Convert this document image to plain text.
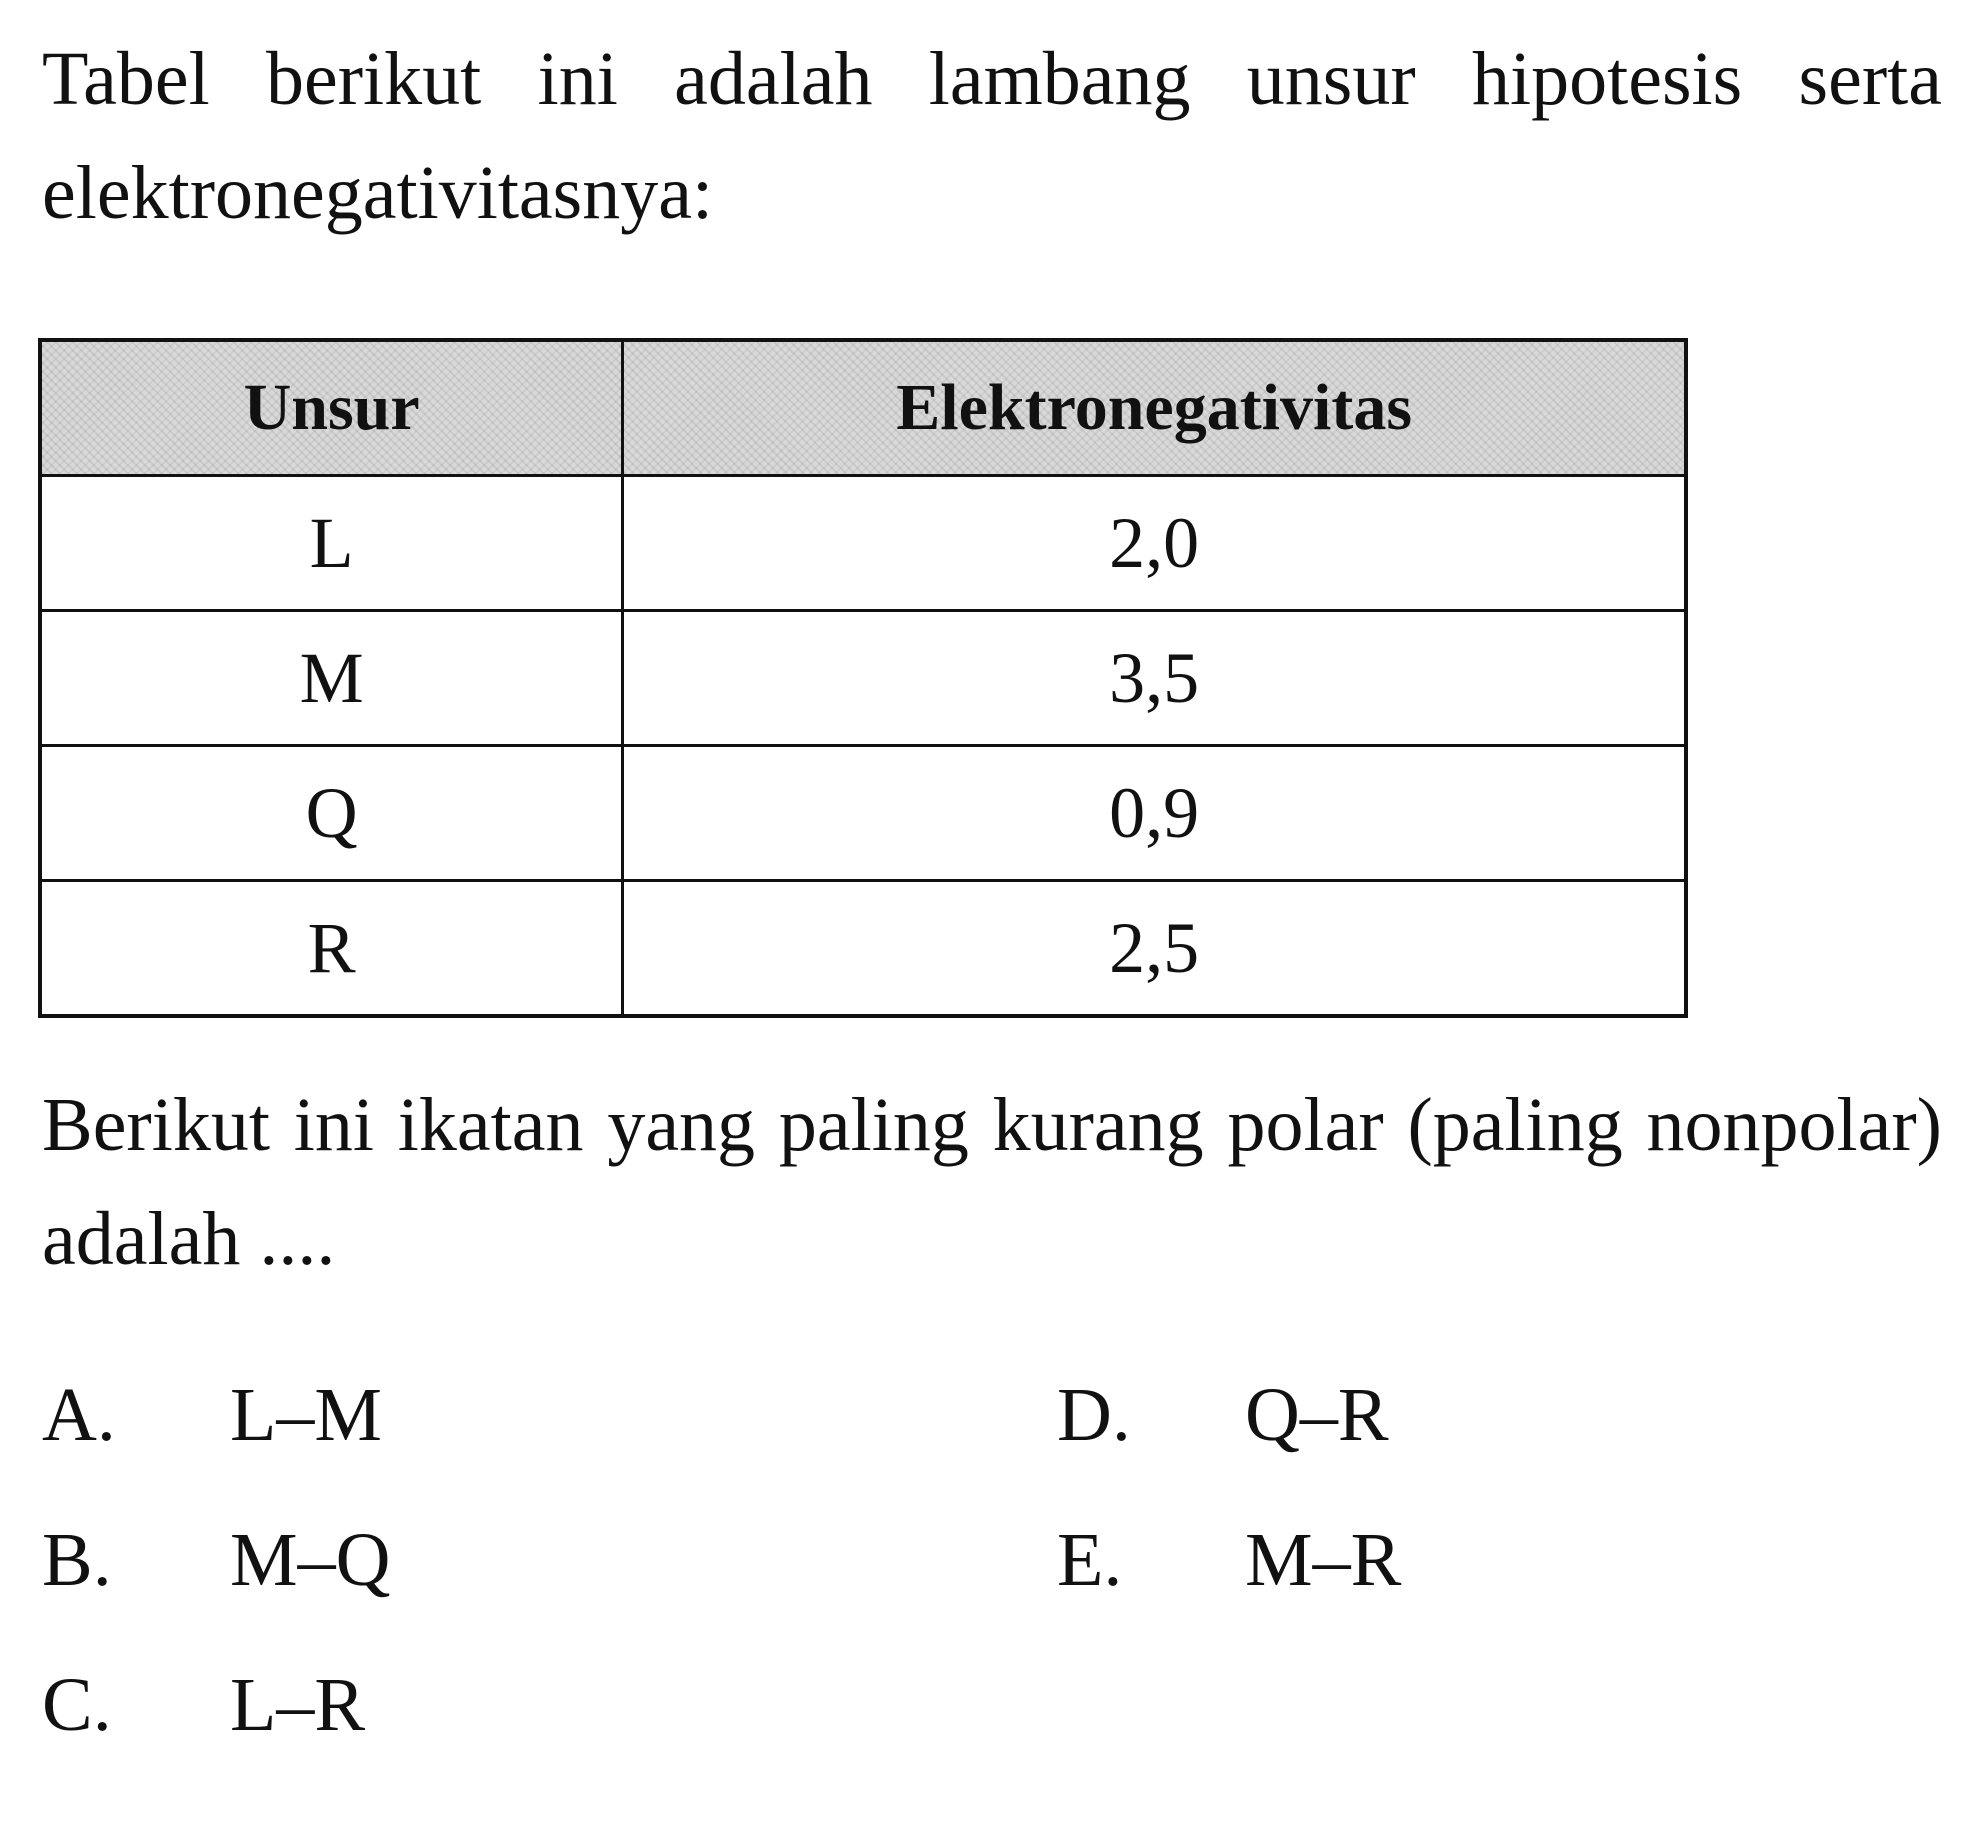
Tabel berikut ini adalah lambang unsur hipotesis serta elektronegativitasnya:

Unsur	Elektronegativitas
L	2,0
M	3,5
Q	0,9
R	2,5

Berikut ini ikatan yang paling kurang polar (paling nonpolar) adalah ....

A. L–M
B. M–Q
C. L–R
D. Q–R
E. M–R
